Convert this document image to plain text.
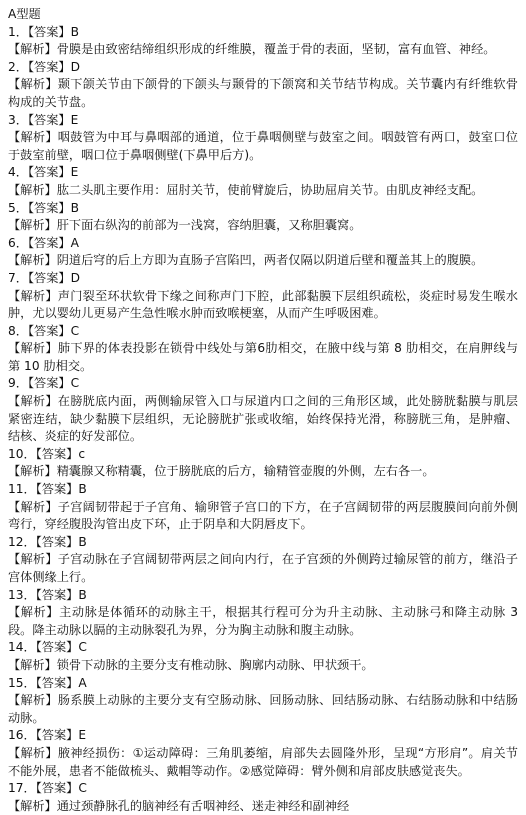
A型题
1．【答案】B
【解析】骨膜是由致密结缔组织形成的纤维膜，覆盖于骨的表面，坚韧，富有血管、神经。
2．【答案】D
【解析】颞下颌关节由下颌骨的下颌头与颞骨的下颌窝和关节结节构成。关节囊内有纤维软骨构成的关节盘。
3．【答案】E
【解析】咽鼓管为中耳与鼻咽部的通道，位于鼻咽侧壁与鼓室之间。咽鼓管有两口，鼓室口位于鼓室前壁，咽口位于鼻咽侧壁(下鼻甲后方)。
4．【答案】E
【解析】肱二头肌主要作用：屈肘关节，使前臂旋后，协助屈肩关节。由肌皮神经支配。
5．【答案】B
【解析】肝下面右纵沟的前部为一浅窝，容纳胆囊，又称胆囊窝。
6．【答案】A
【解析】阴道后穹的后上方即为直肠子宫陷凹，两者仅隔以阴道后壁和覆盖其上的腹膜。
7．【答案】D
【解析】声门裂至环状软骨下缘之间称声门下腔，此部黏膜下层组织疏松，炎症时易发生喉水肿，尤以婴幼儿更易产生急性喉水肿而致喉梗塞，从而产生呼吸困难。
8．【答案】C
【解析】肺下界的体表投影在锁骨中线处与第6肋相交，在腋中线与第 8 肋相交，在肩胛线与第 10 肋相交。
9．【答案】C
【解析】在膀胱底内面，两侧输尿管入口与尿道内口之间的三角形区域，此处膀胱黏膜与肌层紧密连结，缺少黏膜下层组织，无论膀胱扩张或收缩，始终保持光滑，称膀胱三角，是肿瘤、结核、炎症的好发部位。
10．【答案】c
【解析】精囊腺又称精囊，位于膀胱底的后方，输精管壶腹的外侧，左右各一。
11．【答案】B
【解析】子宫阔韧带起于子宫角、输卵管子宫口的下方，在子宫阔韧带的两层腹膜间向前外侧弯行，穿经腹股沟管出皮下环，止于阴阜和大阴唇皮下。
12．【答案】B
【解析】子宫动脉在子宫阔韧带两层之间向内行，在子宫颈的外侧跨过输尿管的前方，继沿子宫体侧缘上行。
13．【答案】B
【解析】主动脉是体循环的动脉主干，根据其行程可分为升主动脉、主动脉弓和降主动脉 3 段。降主动脉以膈的主动脉裂孔为界，分为胸主动脉和腹主动脉。
14．【答案】C
【解析】锁骨下动脉的主要分支有椎动脉、胸廓内动脉、甲状颈干。
15．【答案】A
【解析】肠系膜上动脉的主要分支有空肠动脉、回肠动脉、回结肠动脉、右结肠动脉和中结肠动脉。
16．【答案】E
【解析】腋神经损伤：①运动障碍：三角肌萎缩，肩部失去圆隆外形，呈现“方形肩”。肩关节不能外展，患者不能做梳头、戴帽等动作。②感觉障碍：臂外侧和肩部皮肤感觉丧失。
17．【答案】C
【解析】通过颈静脉孔的脑神经有舌咽神经、迷走神经和副神经
